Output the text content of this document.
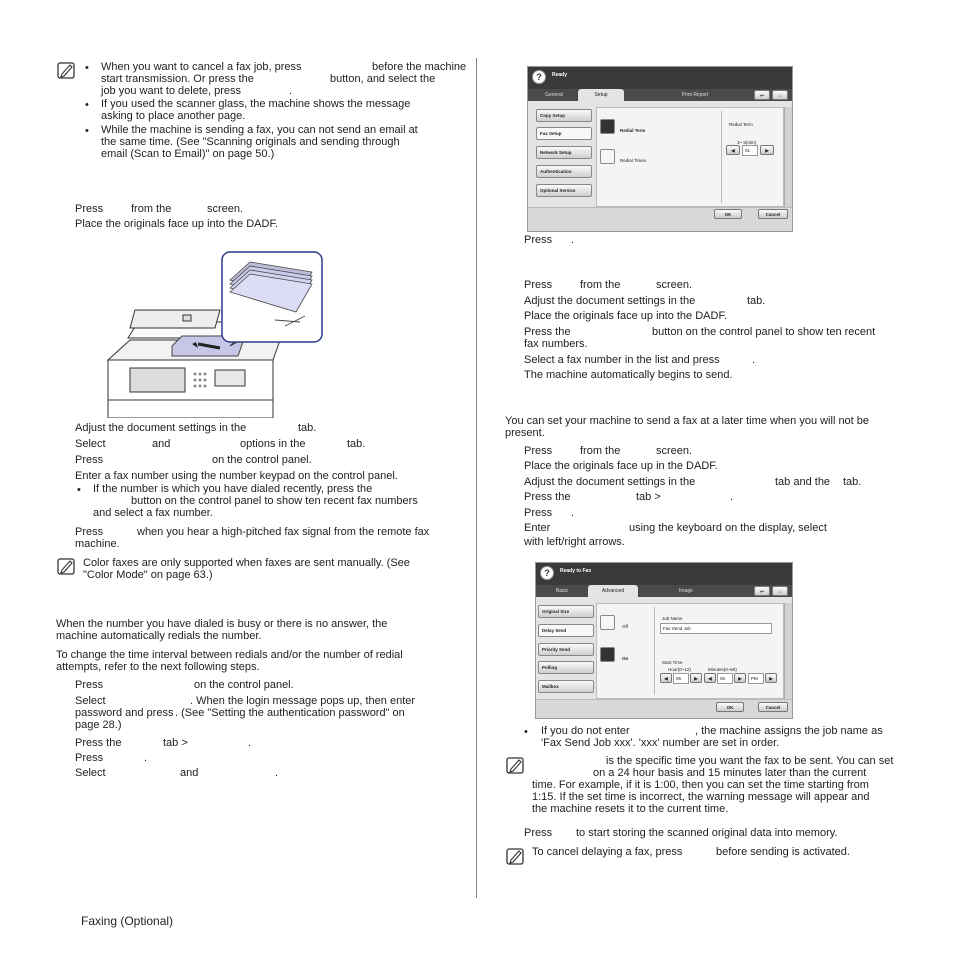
• When you want to cancel a fax job, press	before the machine
start transmission. Or press the	button, and select the
job you want to delete, press	.
• If you used the scanner glass, the machine shows the message
asking to place another page.
• While the machine is sending a fax, you can not send an email at
the same time. (See "Scanning originals and sending through
email (Scan to Email)" on page 50.)
Press	from the	screen.
Place the originals face up into the DADF.
Adjust the document settings in the	tab.
Select	and	options in the	tab.
Press	on the control panel.
Enter a fax number using the number keypad on the control panel.
• If the number is which you have dialed recently, press the
button on the control panel to show ten recent fax numbers
and select a fax number.
Press	when you hear a high-pitched fax signal from the remote fax
machine.
Color faxes are only supported when faxes are sent manually. (See
"Color Mode" on page 63.)
When the number you have dialed is busy or there is no answer, the
machine automatically redials the number.
To change the time interval between redials and/or the number of redial
attempts, refer to the next following steps.
Press	on the control panel.
Select	. When the login message pops up, then enter
password and press . (See "Setting the authentication password" on
page 28.)
Press the	tab >	.
Press	.
Select	and	.
?	Ready
General	Setup	Print Report	↩	⌂
Copy Setup
Fax Setup
Network Setup
Authentication
Optional Service
Redial Term
Redial Times
Redial Term
3~ 5(min)
◀	01	▶
OK	Cancel
Press .
Press	from the	screen.
Adjust the document settings in the	tab.
Place the originals face up into the DADF.
Press the	button on the control panel to show ten recent
fax numbers.
Select a fax number in the list and press	.
The machine automatically begins to send.
You can set your machine to send a fax at a later time when you will not be
present.
Press	from the	screen.
Place the originals face up in the DADF.
Adjust the document settings in the	tab and the tab.
Press the	tab >	.
Press .
Enter	using the keyboard on the display, select
with left/right arrows.
?	Ready to Fax
Basic	Advanced	Image	↩	⌂
Original Size
Delay Send
Priority Send
Polling
Mailbox
Off
On
Job Name
Fax Send Job
Start Time
Hour(0~12)	Minutes(0~59)
◀	06	▶	◀	06	▶	PM	▶
OK	Cancel
• If you do not enter	, the machine assigns the job name as
'Fax Send Job xxx'. 'xxx' number are set in order.
is the specific time you want the fax to be sent. You can set
on a 24 hour basis and 15 minutes later than the current
time. For example, if it is 1:00, then you can set the time starting from
1:15. If the set time is incorrect, the warning message will appear and
the machine resets it to the current time.
Press to start storing the scanned original data into memory.
To cancel delaying a fax, press	before sending is activated.
Faxing (Optional)
